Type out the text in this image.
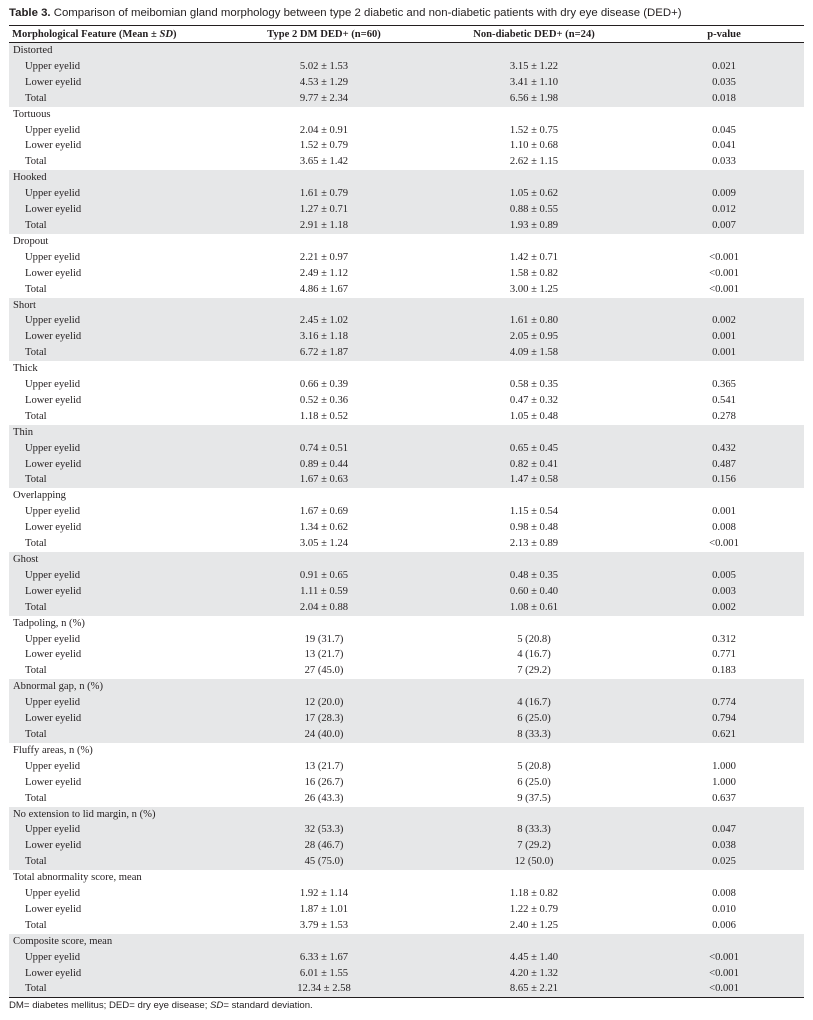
Table 3. Comparison of meibomian gland morphology between type 2 diabetic and non-diabetic patients with dry eye disease (DED+)
Morphological Feature (Mean ± SD)	Type 2 DM DED+ (n=60)	Non-diabetic DED+ (n=24)	p-value
Distorted			
Upper eyelid	5.02 ± 1.53	3.15 ± 1.22	0.021
Lower eyelid	4.53 ± 1.29	3.41 ± 1.10	0.035
Total	9.77 ± 2.34	6.56 ± 1.98	0.018
Tortuous			
Upper eyelid	2.04 ± 0.91	1.52 ± 0.75	0.045
Lower eyelid	1.52 ± 0.79	1.10 ± 0.68	0.041
Total	3.65 ± 1.42	2.62 ± 1.15	0.033
Hooked			
Upper eyelid	1.61 ± 0.79	1.05 ± 0.62	0.009
Lower eyelid	1.27 ± 0.71	0.88 ± 0.55	0.012
Total	2.91 ± 1.18	1.93 ± 0.89	0.007
Dropout			
Upper eyelid	2.21 ± 0.97	1.42 ± 0.71	<0.001
Lower eyelid	2.49 ± 1.12	1.58 ± 0.82	<0.001
Total	4.86 ± 1.67	3.00 ± 1.25	<0.001
Short			
Upper eyelid	2.45 ± 1.02	1.61 ± 0.80	0.002
Lower eyelid	3.16 ± 1.18	2.05 ± 0.95	0.001
Total	6.72 ± 1.87	4.09 ± 1.58	0.001
Thick			
Upper eyelid	0.66 ± 0.39	0.58 ± 0.35	0.365
Lower eyelid	0.52 ± 0.36	0.47 ± 0.32	0.541
Total	1.18 ± 0.52	1.05 ± 0.48	0.278
Thin			
Upper eyelid	0.74 ± 0.51	0.65 ± 0.45	0.432
Lower eyelid	0.89 ± 0.44	0.82 ± 0.41	0.487
Total	1.67 ± 0.63	1.47 ± 0.58	0.156
Overlapping			
Upper eyelid	1.67 ± 0.69	1.15 ± 0.54	0.001
Lower eyelid	1.34 ± 0.62	0.98 ± 0.48	0.008
Total	3.05 ± 1.24	2.13 ± 0.89	<0.001
Ghost			
Upper eyelid	0.91 ± 0.65	0.48 ± 0.35	0.005
Lower eyelid	1.11 ± 0.59	0.60 ± 0.40	0.003
Total	2.04 ± 0.88	1.08 ± 0.61	0.002
Tadpoling, n (%)			
Upper eyelid	19 (31.7)	5 (20.8)	0.312
Lower eyelid	13 (21.7)	4 (16.7)	0.771
Total	27 (45.0)	7 (29.2)	0.183
Abnormal gap, n (%)			
Upper eyelid	12 (20.0)	4 (16.7)	0.774
Lower eyelid	17 (28.3)	6 (25.0)	0.794
Total	24 (40.0)	8 (33.3)	0.621
Fluffy areas, n (%)			
Upper eyelid	13 (21.7)	5 (20.8)	1.000
Lower eyelid	16 (26.7)	6 (25.0)	1.000
Total	26 (43.3)	9 (37.5)	0.637
No extension to lid margin, n (%)			
Upper eyelid	32 (53.3)	8 (33.3)	0.047
Lower eyelid	28 (46.7)	7 (29.2)	0.038
Total	45 (75.0)	12 (50.0)	0.025
Total abnormality score, mean			
Upper eyelid	1.92 ± 1.14	1.18 ± 0.82	0.008
Lower eyelid	1.87 ± 1.01	1.22 ± 0.79	0.010
Total	3.79 ± 1.53	2.40 ± 1.25	0.006
Composite score, mean			
Upper eyelid	6.33 ± 1.67	4.45 ± 1.40	<0.001
Lower eyelid	6.01 ± 1.55	4.20 ± 1.32	<0.001
Total	12.34 ± 2.58	8.65 ± 2.21	<0.001
DM= diabetes mellitus; DED= dry eye disease; SD= standard deviation.
